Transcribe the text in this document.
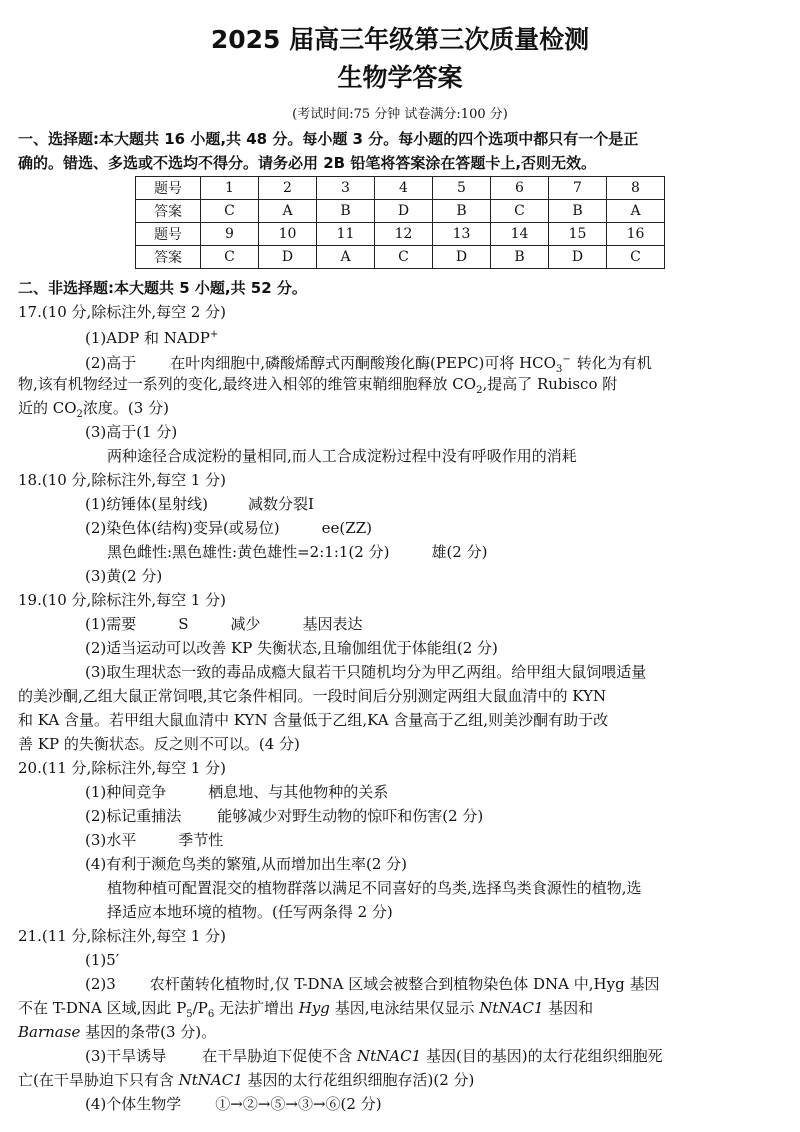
2025 届高三年级第三次质量检测
生物学答案
(考试时间:75 分钟 试卷满分:100 分)
一、选择题:本大题共 16 小题,共 48 分。每小题 3 分。每小题的四个选项中都只有一个是正
确的。错选、多选或不选均不得分。请务必用 2B 铅笔将答案涂在答题卡上,否则无效。
题号	1	2	3	4	5	6	7	8
答案	C	A	B	D	B	C	B	A
题号	9	10	11	12	13	14	15	16
答案	C	D	A	C	D	B	D	C
二、非选择题:本大题共 5 小题,共 52 分。
17.(10 分,除标注外,每空 2 分)
(1)ADP 和 NADP+
(2)高于 在叶肉细胞中,磷酸烯醇式丙酮酸羧化酶(PEPC)可将 $HCO_3^-$ 转化为有机
物,该有机物经过一系列的变化,最终进入相邻的维管束鞘细胞释放 $CO_2$,提高了 Rubisco 附
近的 $CO_2$浓度。(3 分)
(3)高于(1 分)
两种途径合成淀粉的量相同,而人工合成淀粉过程中没有呼吸作用的消耗
18.(10 分,除标注外,每空 1 分)
(1)纺锤体(星射线)	减数分裂Ⅰ
(2)染色体(结构)变异(或易位)	ee(ZZ)
黑色雌性:黑色雄性:黄色雄性=2:1:1(2 分)	雄(2 分)
(3)黄(2 分)
19.(10 分,除标注外,每空 1 分)
(1)需要	S	减少	基因表达
(2)适当运动可以改善 KP 失衡状态,且瑜伽组优于体能组(2 分)
(3)取生理状态一致的毒品成瘾大鼠若干只随机均分为甲乙两组。给甲组大鼠饲喂适量
的美沙酮,乙组大鼠正常饲喂,其它条件相同。一段时间后分别测定两组大鼠血清中的 KYN
和 KA 含量。若甲组大鼠血清中 KYN 含量低于乙组,KA 含量高于乙组,则美沙酮有助于改
善 KP 的失衡状态。反之则不可以。(4 分)
20.(11 分,除标注外,每空 1 分)
(1)种间竞争	栖息地、与其他物种的关系
(2)标记重捕法 能够减少对野生动物的惊吓和伤害(2 分)
(3)水平	季节性
(4)有利于濒危鸟类的繁殖,从而增加出生率(2 分)
植物种植可配置混交的植物群落以满足不同喜好的鸟类,选择鸟类食源性的植物,选
择适应本地环境的植物。(任写两条得 2 分)
21.(11 分,除标注外,每空 1 分)
(1)5′
(2)3 农杆菌转化植物时,仅 T-DNA 区域会被整合到植物染色体 DNA 中,Hyg 基因
不在 T-DNA 区域,因此 $P_5/P_6$ 无法扩增出 Hyg 基因,电泳结果仅显示 NtNAC1 基因和
Barnase 基因的条带(3 分)。
(3)干旱诱导 在干旱胁迫下促使不含 NtNAC1 基因(目的基因)的太行花组织细胞死
亡(在干旱胁迫下只有含 NtNAC1 基因的太行花组织细胞存活)(2 分)
(4)个体生物学 ①→②→⑤→③→⑥(2 分)
